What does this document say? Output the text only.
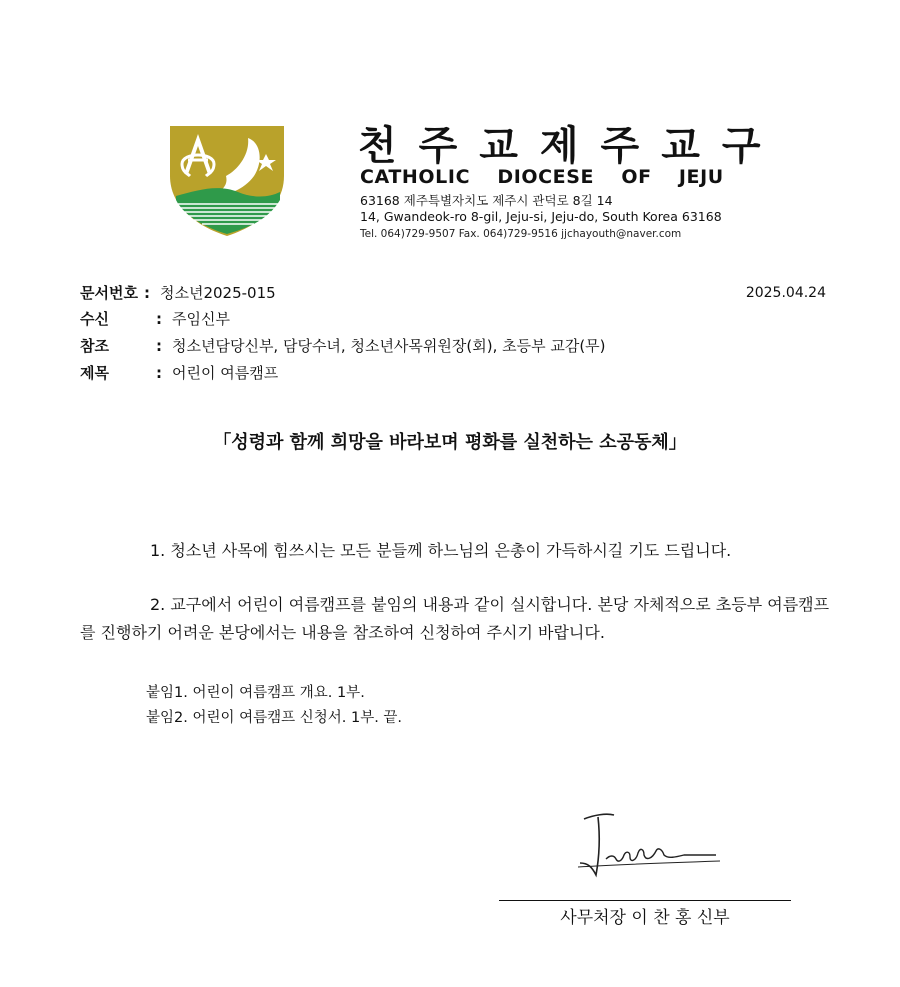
천주교제주교구
CATHOLIC DIOCESE OF JEJU
63168 제주특별자치도 제주시 관덕로 8길 14
14, Gwandeok-ro 8-gil, Jeju-si, Jeju-do, South Korea 63168
Tel. 064)729-9507 Fax. 064)729-9516 jjchayouth@naver.com
문서번호 : 청소년2025-015	2025.04.24
수신	: 주임신부
참조	: 청소년담당신부, 담당수녀, 청소년사목위원장(회), 초등부 교감(무)
제목	: 어린이 여름캠프
「성령과 함께 희망을 바라보며 평화를 실천하는 소공동체」
1. 청소년 사목에 힘쓰시는 모든 분들께 하느님의 은총이 가득하시길 기도 드립니다.
2. 교구에서 어린이 여름캠프를 붙임의 내용과 같이 실시합니다. 본당 자체적으로 초등부 여름캠프를 진행하기 어려운 본당에서는 내용을 참조하여 신청하여 주시기 바랍니다.
붙임1. 어린이 여름캠프 개요. 1부.
붙임2. 어린이 여름캠프 신청서. 1부. 끝.
사무처장 이 찬 홍 신부
